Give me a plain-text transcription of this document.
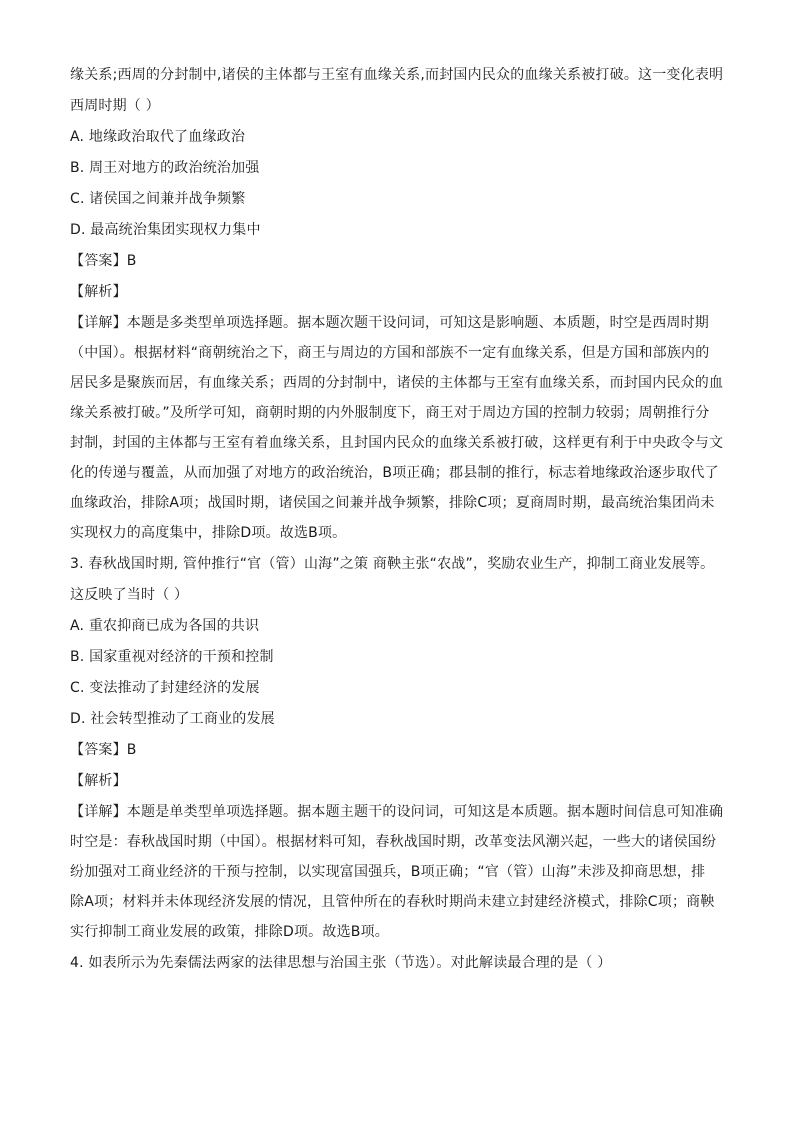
缘关系;西周的分封制中,诸侯的主体都与王室有血缘关系,而封国内民众的血缘关系被打破。这一变化表明
西周时期（ ）
A. 地缘政治取代了血缘政治
B. 周王对地方的政治统治加强
C. 诸侯国之间兼并战争频繁
D. 最高统治集团实现权力集中
【答案】B
【解析】
【详解】本题是多类型单项选择题。据本题次题干设问词，可知这是影响题、本质题，时空是西周时期
（中国）。根据材料“商朝统治之下，商王与周边的方国和部族不一定有血缘关系，但是方国和部族内的
居民多是聚族而居，有血缘关系；西周的分封制中，诸侯的主体都与王室有血缘关系，而封国内民众的血
缘关系被打破。”及所学可知，商朝时期的内外服制度下，商王对于周边方国的控制力较弱；周朝推行分
封制，封国的主体都与王室有着血缘关系，且封国内民众的血缘关系被打破，这样更有利于中央政令与文
化的传递与覆盖，从而加强了对地方的政治统治，B项正确；郡县制的推行，标志着地缘政治逐步取代了
血缘政治，排除A项；战国时期，诸侯国之间兼并战争频繁，排除C项；夏商周时期，最高统治集团尚未
实现权力的高度集中，排除D项。故选B项。
3. 春秋战国时期, 管仲推行“官（管）山海”之策 商鞅主张“农战”，奖励农业生产，抑制工商业发展等。
这反映了当时（ ）
A. 重农抑商已成为各国的共识
B. 国家重视对经济的干预和控制
C. 变法推动了封建经济的发展
D. 社会转型推动了工商业的发展
【答案】B
【解析】
【详解】本题是单类型单项选择题。据本题主题干的设问词，可知这是本质题。据本题时间信息可知准确
时空是：春秋战国时期（中国）。根据材料可知，春秋战国时期，改革变法风潮兴起，一些大的诸侯国纷
纷加强对工商业经济的干预与控制，以实现富国强兵，B项正确；“官（管）山海”未涉及抑商思想，排
除A项；材料并未体现经济发展的情况，且管仲所在的春秋时期尚未建立封建经济模式，排除C项；商鞅
实行抑制工商业发展的政策，排除D项。故选B项。
4. 如表所示为先秦儒法两家的法律思想与治国主张（节选）。对此解读最合理的是（ ）
